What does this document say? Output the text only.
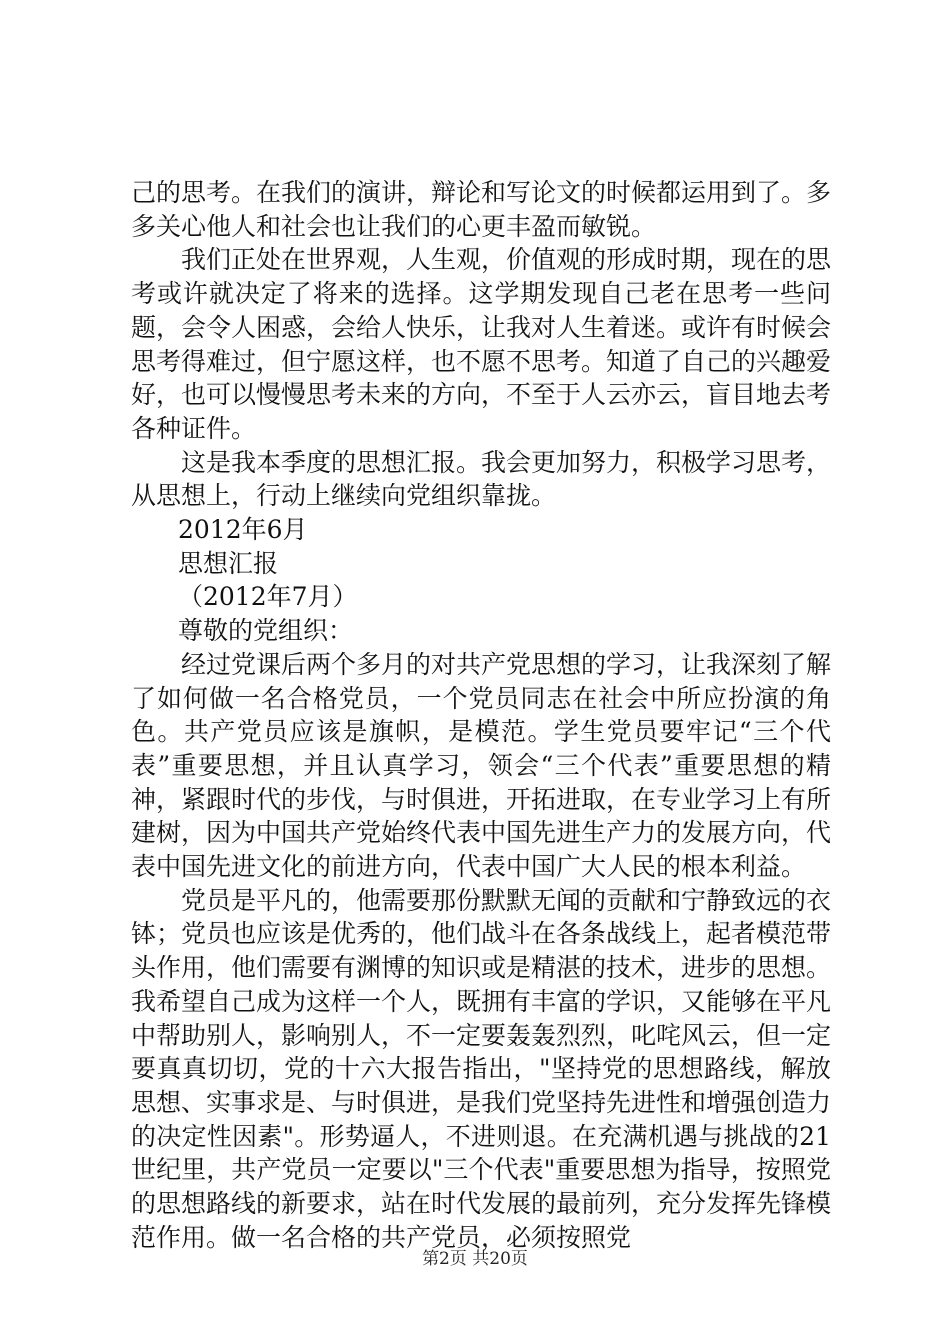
己的思考。在我们的演讲，辩论和写论文的时候都运用到了。多多关心他人和社会也让我们的心更丰盈而敏锐。

我们正处在世界观，人生观，价值观的形成时期，现在的思考或许就决定了将来的选择。这学期发现自己老在思考一些问题，会令人困惑，会给人快乐，让我对人生着迷。或许有时候会思考得难过，但宁愿这样，也不愿不思考。知道了自己的兴趣爱好，也可以慢慢思考未来的方向，不至于人云亦云，盲目地去考各种证件。

这是我本季度的思想汇报。我会更加努力，积极学习思考，从思想上，行动上继续向党组织靠拢。

2012年6月

思想汇报

（2012年7月）

尊敬的党组织：

经过党课后两个多月的对共产党思想的学习，让我深刻了解了如何做一名合格党员，一个党员同志在社会中所应扮演的角色。共产党员应该是旗帜，是模范。学生党员要牢记“三个代表”重要思想，并且认真学习，领会“三个代表”重要思想的精神，紧跟时代的步伐，与时俱进，开拓进取，在专业学习上有所建树，因为中国共产党始终代表中国先进生产力的发展方向，代表中国先进文化的前进方向，代表中国广大人民的根本利益。

党员是平凡的，他需要那份默默无闻的贡献和宁静致远的衣钵；党员也应该是优秀的，他们战斗在各条战线上，起者模范带头作用，他们需要有渊博的知识或是精湛的技术，进步的思想。我希望自己成为这样一个人，既拥有丰富的学识，又能够在平凡中帮助别人，影响别人，不一定要轰轰烈烈，叱咤风云，但一定要真真切切，党的十六大报告指出，"坚持党的思想路线，解放思想、实事求是、与时俱进，是我们党坚持先进性和增强创造力的决定性因素"。形势逼人，不进则退。在充满机遇与挑战的21世纪里，共产党员一定要以"三个代表"重要思想为指导，按照党的思想路线的新要求，站在时代发展的最前列，充分发挥先锋模范作用。做一名合格的共产党员，必须按照党

第2页 共20页
